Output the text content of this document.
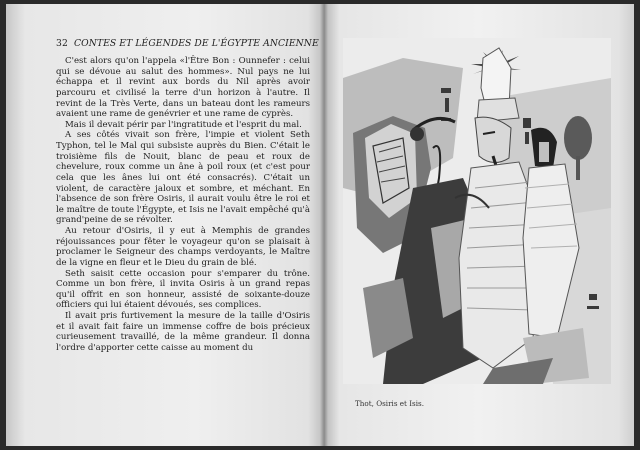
32 CONTES ET LÉGENDES DE L'ÉGYPTE ANCIENNE

C'est alors qu'on l'appela «l'Être Bon : Ounnefer : celui qui se dévoue au salut des hommes». Nul pays ne lui échappa et il revint aux bords du Nil après avoir parcouru et civilisé la terre d'un horizon à l'autre. Il revint de la Très Verte, dans un bateau dont les rameurs avaient une rame de genévrier et une rame de cyprès.

Mais il devait périr par l'ingratitude et l'esprit du mal.

A ses côtés vivait son frère, l'impie et violent Seth Typhon, tel le Mal qui subsiste auprès du Bien. C'était le troisième fils de Nouit, blanc de peau et roux de chevelure, roux comme un âne à poil roux (et c'est pour cela que les ânes lui ont été consacrés). C'était un violent, de caractère jaloux et sombre, et méchant. En l'absence de son frère Osiris, il aurait voulu être le roi et le maître de toute l'Égypte, et Isis ne l'avait empêché qu'à grand'peine de se révolter.

Au retour d'Osiris, il y eut à Memphis de grandes réjouissances pour fêter le voyageur qu'on se plaisait à proclamer le Seigneur des champs verdoyants, le Maître de la vigne en fleur et le Dieu du grain de blé.

Seth saisit cette occasion pour s'emparer du trône. Comme un bon frère, il invita Osiris à un grand repas qu'il offrit en son honneur, assisté de soixante-douze officiers qui lui étaient dévoués, ses complices.

Il avait pris furtivement la mesure de la taille d'Osiris et il avait fait faire un immense coffre de bois précieux curieusement travaillé, de la même grandeur. Il donna l'ordre d'apporter cette caisse au moment du

Thot, Osiris et Isis.
